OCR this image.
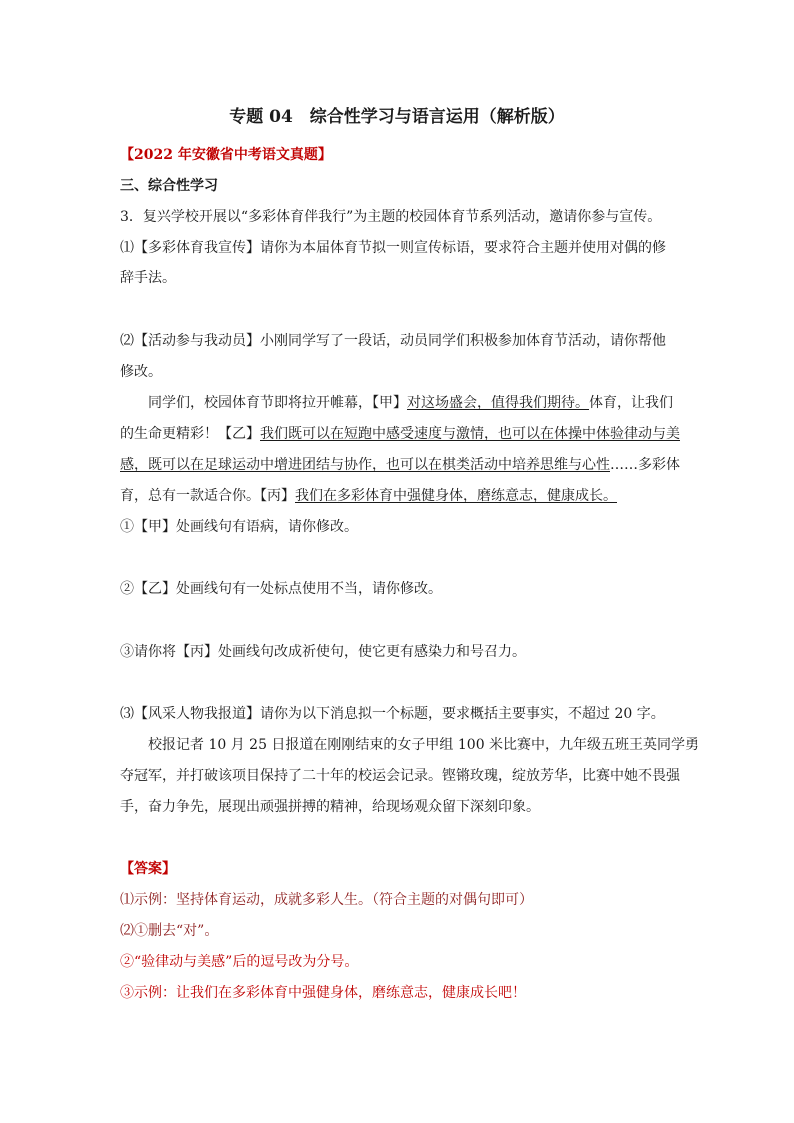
专题 04　综合性学习与语言运用（解析版）
【2022 年安徽省中考语文真题】
三、综合性学习
3．复兴学校开展以“多彩体育伴我行”为主题的校园体育节系列活动，邀请你参与宣传。
⑴【多彩体育我宣传】请你为本届体育节拟一则宣传标语，要求符合主题并使用对偶的修
辞手法。
⑵【活动参与我动员】小刚同学写了一段话，动员同学们积极参加体育节活动，请你帮他
修改。
同学们，校园体育节即将拉开帷幕，【甲】对这场盛会，值得我们期待。体育，让我们
的生命更精彩！【乙】我们既可以在短跑中感受速度与激情，也可以在体操中体验律动与美
感，既可以在足球运动中增进团结与协作，也可以在棋类活动中培养思维与心性……多彩体
育，总有一款适合你。【丙】我们在多彩体育中强健身体，磨练意志，健康成长。
①【甲】处画线句有语病，请你修改。
②【乙】处画线句有一处标点使用不当，请你修改。
③请你将【丙】处画线句改成祈使句，使它更有感染力和号召力。
⑶【风采人物我报道】请你为以下消息拟一个标题，要求概括主要事实，不超过 20 字。
校报记者 10 月 25 日报道在刚刚结束的女子甲组 100 米比赛中，九年级五班王英同学勇
夺冠军，并打破该项目保持了二十年的校运会记录。铿锵玫瑰，绽放芳华，比赛中她不畏强
手，奋力争先，展现出顽强拼搏的精神，给现场观众留下深刻印象。
【答案】
⑴示例：坚持体育运动，成就多彩人生。（符合主题的对偶句即可）
⑵①删去“对”。
②“验律动与美感”后的逗号改为分号。
③示例：让我们在多彩体育中强健身体，磨练意志，健康成长吧！
